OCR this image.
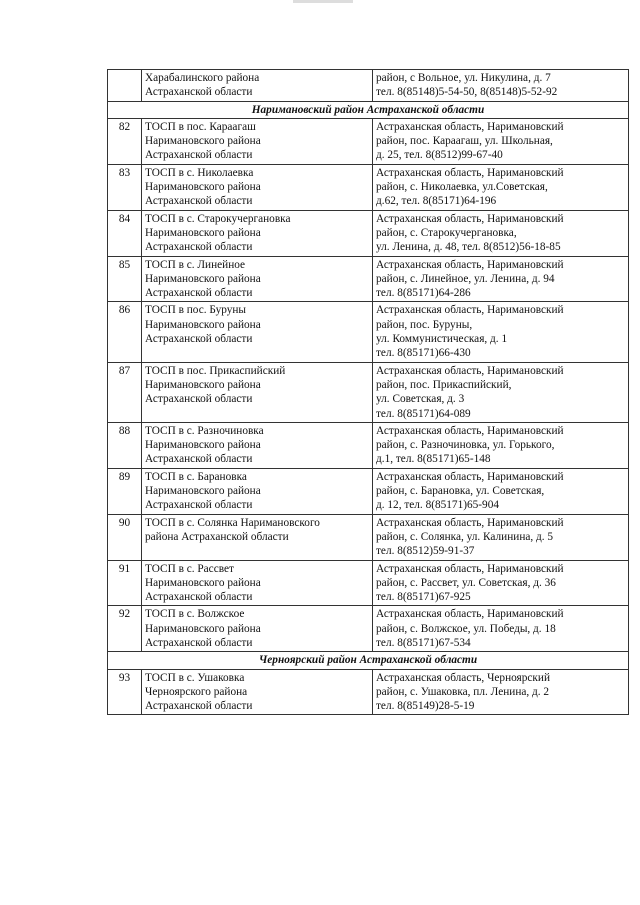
	Харабалинского района
Астраханской области	район, с Вольное, ул. Никулина, д. 7
тел. 8(85148)5-54-50, 8(85148)5-52-92
Наримановский район Астраханской области		
82	ТОСП в пос. Караагаш
Наримановского района
Астраханской области	Астраханская область, Наримановский
район, пос. Караагаш, ул. Школьная,
д. 25, тел. 8(8512)99-67-40
83	ТОСП в с. Николаевка
Наримановского района
Астраханской области	Астраханская область, Наримановский
район, с. Николаевка, ул.Советская,
д.62, тел. 8(85171)64-196
84	ТОСП в с. Старокучергановка
Наримановского района
Астраханской области	Астраханская область, Наримановский
район, с. Старокучергановка,
ул. Ленина, д. 48, тел. 8(8512)56-18-85
85	ТОСП в с. Линейное
Наримановского района
Астраханской области	Астраханская область, Наримановский
район, с. Линейное, ул. Ленина, д. 94
тел. 8(85171)64-286
86	ТОСП в пос. Буруны
Наримановского района
Астраханской области	Астраханская область, Наримановский
район, пос. Буруны,
ул. Коммунистическая, д. 1
тел. 8(85171)66-430
87	ТОСП в пос. Прикаспийский
Наримановского района
Астраханской области	Астраханская область, Наримановский
район, пос. Прикаспийский,
ул. Советская, д. 3
тел. 8(85171)64-089
88	ТОСП в с. Разночиновка
Наримановского района
Астраханской области	Астраханская область, Наримановский
район, с. Разночиновка, ул. Горького,
д.1, тел. 8(85171)65-148
89	ТОСП в с. Барановка
Наримановского района
Астраханской области	Астраханская область, Наримановский
район, с. Барановка, ул. Советская,
д. 12, тел. 8(85171)65-904
90	ТОСП в с. Солянка Наримановского
района Астраханской области	Астраханская область, Наримановский
район, с. Солянка, ул. Калинина, д. 5
тел. 8(8512)59-91-37
91	ТОСП в с. Рассвет
Наримановского района
Астраханской области	Астраханская область, Наримановский
район, с. Рассвет, ул. Советская, д. 36
тел. 8(85171)67-925
92	ТОСП в с. Волжское
Наримановского района
Астраханской области	Астраханская область, Наримановский
район, с. Волжское, ул. Победы, д. 18
тел. 8(85171)67-534
Черноярский район Астраханской области		
93	ТОСП в с. Ушаковка
Черноярского района
Астраханской области	Астраханская область, Черноярский
район, с. Ушаковка, пл. Ленина, д. 2
тел. 8(85149)28-5-19
